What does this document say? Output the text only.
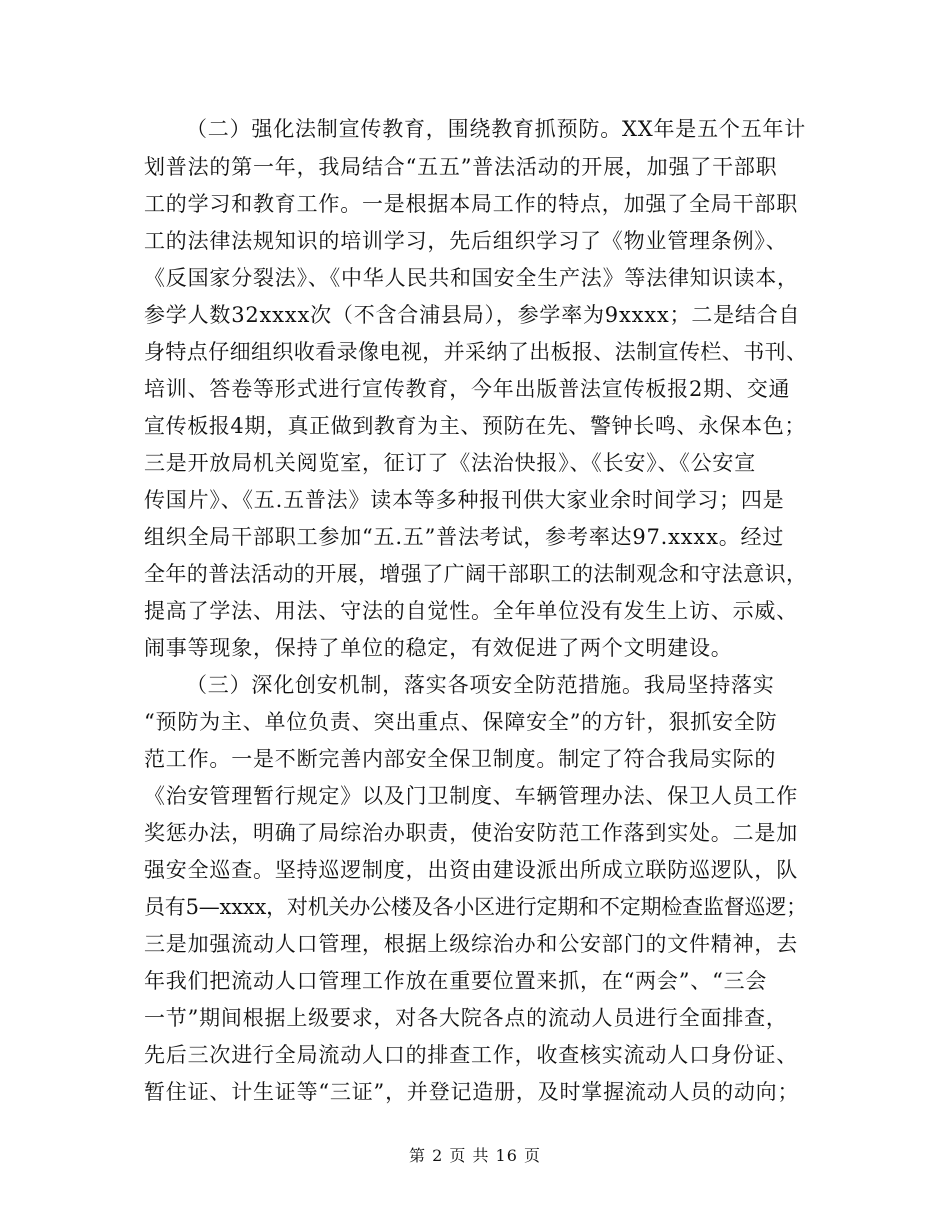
（二）强化法制宣传教育，围绕教育抓预防。XX年是五个五年计

划普法的第一年，我局结合“五五”普法活动的开展，加强了干部职

工的学习和教育工作。一是根据本局工作的特点，加强了全局干部职

工的法律法规知识的培训学习，先后组织学习了《物业管理条例》、

《反国家分裂法》、《中华人民共和国安全生产法》等法律知识读本，

参学人数32xxxx次（不含合浦县局），参学率为9xxxx；二是结合自

身特点仔细组织收看录像电视，并采纳了出板报、法制宣传栏、书刊、

培训、答卷等形式进行宣传教育，今年出版普法宣传板报2期、交通

宣传板报4期，真正做到教育为主、预防在先、警钟长鸣、永保本色；

三是开放局机关阅览室，征订了《法治快报》、《长安》、《公安宣

传国片》、《五.五普法》读本等多种报刊供大家业余时间学习；四是

组织全局干部职工参加“五.五”普法考试，参考率达97.xxxx。经过

全年的普法活动的开展，增强了广阔干部职工的法制观念和守法意识，

提高了学法、用法、守法的自觉性。全年单位没有发生上访、示威、

闹事等现象，保持了单位的稳定，有效促进了两个文明建设。

（三）深化创安机制，落实各项安全防范措施。我局坚持落实

“预防为主、单位负责、突出重点、保障安全”的方针，狠抓安全防

范工作。一是不断完善内部安全保卫制度。制定了符合我局实际的

《治安管理暂行规定》以及门卫制度、车辆管理办法、保卫人员工作

奖惩办法，明确了局综治办职责，使治安防范工作落到实处。二是加

强安全巡查。坚持巡逻制度，出资由建设派出所成立联防巡逻队，队

员有5—xxxx，对机关办公楼及各小区进行定期和不定期检查监督巡逻；

三是加强流动人口管理，根据上级综治办和公安部门的文件精神，去

年我们把流动人口管理工作放在重要位置来抓，在“两会”、“三会

一节”期间根据上级要求，对各大院各点的流动人员进行全面排查，

先后三次进行全局流动人口的排查工作，收查核实流动人口身份证、

暂住证、计生证等“三证”，并登记造册，及时掌握流动人员的动向；

第 2 页 共 16 页
